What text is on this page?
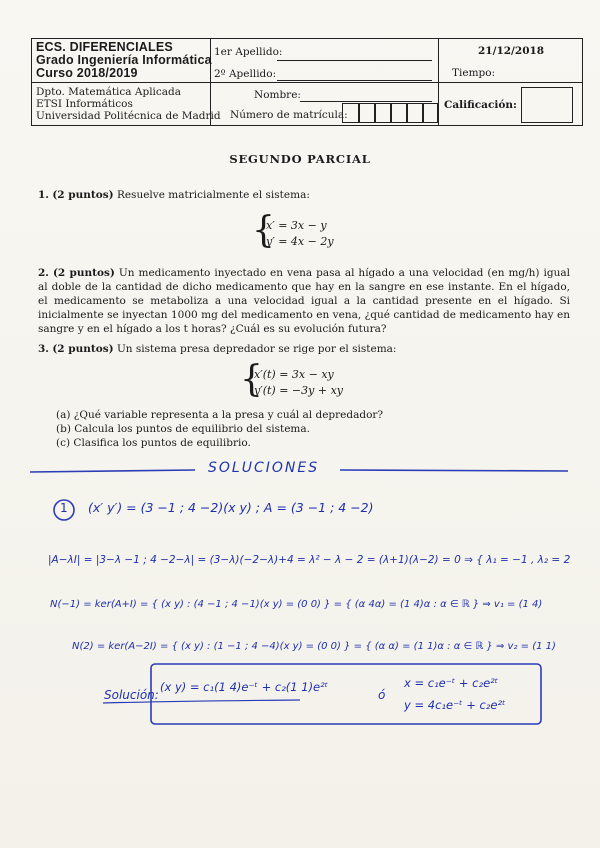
ECS. DIFERENCIALES
Grado Ingeniería Informática
Curso 2018/2019
Dpto. Matemática Aplicada
ETSI Informáticos
Universidad Politécnica de Madrid
1er Apellido:
2º Apellido:
Nombre:
Número de matrícula:
21/12/2018
Tiempo:
Calificación:
SEGUNDO PARCIAL
1. (2 puntos) Resuelve matricialmente el sistema:
{
x′ = 3x − y
y′ = 4x − 2y
2. (2 puntos) Un medicamento inyectado en vena pasa al hígado a una velocidad (en mg/h) igual al doble de la cantidad de dicho medicamento que hay en la sangre en ese instante. En el hígado, el medicamento se metaboliza a una velocidad igual a la cantidad presente en el hígado. Si inicialmente se inyectan 1000 mg del medicamento en vena, ¿qué cantidad de medicamento hay en sangre y en el hígado a los t horas? ¿Cuál es su evolución futura?
3. (2 puntos) Un sistema presa depredador se rige por el sistema:
{
x′(t) = 3x − xy
y′(t) = −3y + xy
(a) ¿Qué variable representa a la presa y cuál al depredador?
(b) Calcula los puntos de equilibrio del sistema.
(c) Clasifica los puntos de equilibrio.
SOLUCIONES
1 (x′ y′) = (3 −1 ; 4 −2)(x y) ; A = (3 −1 ; 4 −2)
|A−λI| = |3−λ −1 ; 4 −2−λ| = (3−λ)(−2−λ)+4 = λ² − λ − 2 = (λ+1)(λ−2) = 0 ⇒ { λ₁ = −1 , λ₂ = 2
N(−1) = ker(A+I) = { (x y) : (4 −1 ; 4 −1)(x y) = (0 0) } = { (α 4α) = (1 4)α : α ∈ ℝ } ⇒ v₁ = (1 4)
N(2) = ker(A−2I) = { (x y) : (1 −1 ; 4 −4)(x y) = (0 0) } = { (α α) = (1 1)α : α ∈ ℝ } ⇒ v₂ = (1 1)
Solución:
(x y) = c₁(1 4)e⁻ᵗ + c₂(1 1)e²ᵗ
ó
x = c₁e⁻ᵗ + c₂e²ᵗ
y = 4c₁e⁻ᵗ + c₂e²ᵗ
